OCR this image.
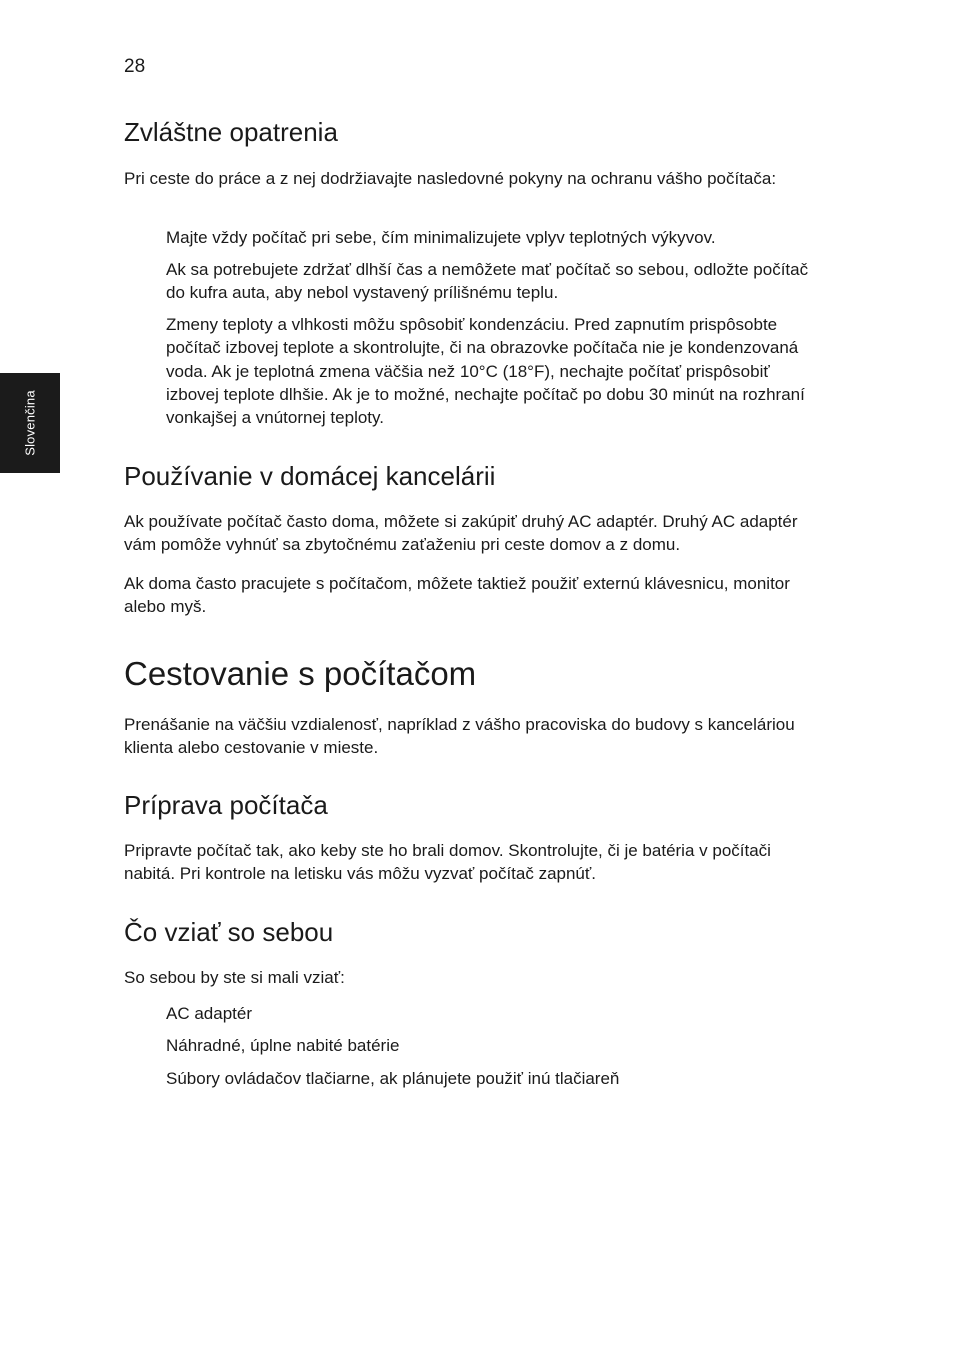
28
Slovenčina
Zvláštne opatrenia

Pri ceste do práce a z nej dodržiavajte nasledovné pokyny na ochranu vášho počítača:

Majte vždy počítač pri sebe, čím minimalizujete vplyv teplotných výkyvov.

Ak sa potrebujete zdržať dlhší čas a nemôžete mať počítač so sebou, odložte počítač do kufra auta, aby nebol vystavený prílišnému teplu.

Zmeny teploty a vlhkosti môžu spôsobiť kondenzáciu. Pred zapnutím prispôsobte počítač izbovej teplote a skontrolujte, či na obrazovke počítača nie je kondenzovaná voda. Ak je teplotná zmena väčšia než 10°C (18°F), nechajte počítať prispôsobiť izbovej teplote dlhšie. Ak je to možné, nechajte počítač po dobu 30 minút na rozhraní vonkajšej a vnútornej teploty.

Používanie v domácej kancelárii

Ak používate počítač často doma, môžete si zakúpiť druhý AC adaptér. Druhý AC adaptér vám pomôže vyhnúť sa zbytočnému zaťaženiu pri ceste domov a z domu.

Ak doma často pracujete s počítačom, môžete taktiež použiť externú klávesnicu, monitor alebo myš.

Cestovanie s počítačom

Prenášanie na väčšiu vzdialenosť, napríklad z vášho pracoviska do budovy s kanceláriou klienta alebo cestovanie v mieste.

Príprava počítača

Pripravte počítač tak, ako keby ste ho brali domov. Skontrolujte, či je batéria v počítači nabitá. Pri kontrole na letisku vás môžu vyzvať počítač zapnúť.

Čo vziať so sebou

So sebou by ste si mali vziať:

AC adaptér

Náhradné, úplne nabité batérie

Súbory ovládačov tlačiarne, ak plánujete použiť inú tlačiareň
